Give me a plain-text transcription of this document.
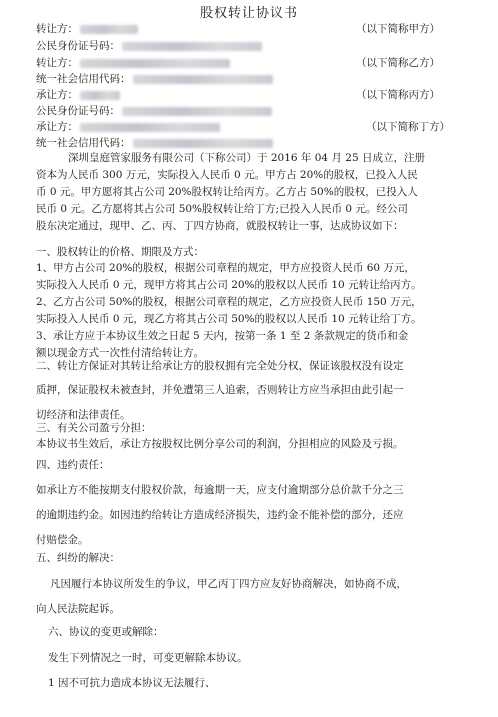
股权转让协议书
转让方：	（以下简称甲方）
公民身份证号码：
转让方：	（以下简称乙方）
统一社会信用代码：
承让方：	（以下简称丙方）
公民身份证号码：
承让方：	（以下简称丁方）
统一社会信用代码：
深圳皇庭管家服务有限公司（下称公司）于 2016 年 04 月 25 日成立，注册
资本为人民币 300 万元，实际投入人民币 0 元。甲方占 20%的股权，已投入人民
币 0 元。甲方愿将其占公司 20%股权转让给丙方。乙方占 50%的股权，已投入人
民币 0 元。乙方愿将其占公司 50%股权转让给丁方;已投入人民币 0 元。经公司
股东决定通过，现甲、乙、丙、丁四方协商，就股权转让一事，达成协议如下：
一、股权转让的价格、期限及方式：
1、甲方占公司 20%的股权，根据公司章程的规定，甲方应投资人民币 60 万元，
实际投入人民币 0 元，现甲方将其占公司 20%的股权以人民币 10 元转让给丙方。
2、乙方占公司 50%的股权，根据公司章程的规定，乙方应投资人民币 150 万元，
实际投入人民币 0 元，现乙方将其占公司 50%的股权以人民币 10 元转让给丁方。
3、承让方应于本协议生效之日起 5 天内，按第一条 1 至 2 条款规定的货币和金
额以现金方式一次性付清给转让方。
二、转让方保证对其转让给承让方的股权拥有完全处分权，保证该股权没有设定
质押，保证股权未被查封，并免遭第三人追索，否则转让方应当承担由此引起一
切经济和法律责任。
三、有关公司盈亏分担：
本协议书生效后，承让方按股权比例分享公司的利润，分担相应的风险及亏损。
四、违约责任：
如承让方不能按期支付股权价款，每逾期一天，应支付逾期部分总价款千分之三
的逾期违约金。如因违约给转让方造成经济损失，违约金不能补偿的部分，还应
付赔偿金。
五、纠纷的解决：
凡因履行本协议所发生的争议，甲乙丙丁四方应友好协商解决，如协商不成，
向人民法院起诉。
六、协议的变更或解除：
发生下列情况之一时，可变更解除本协议。
1 因不可抗力造成本协议无法履行、
